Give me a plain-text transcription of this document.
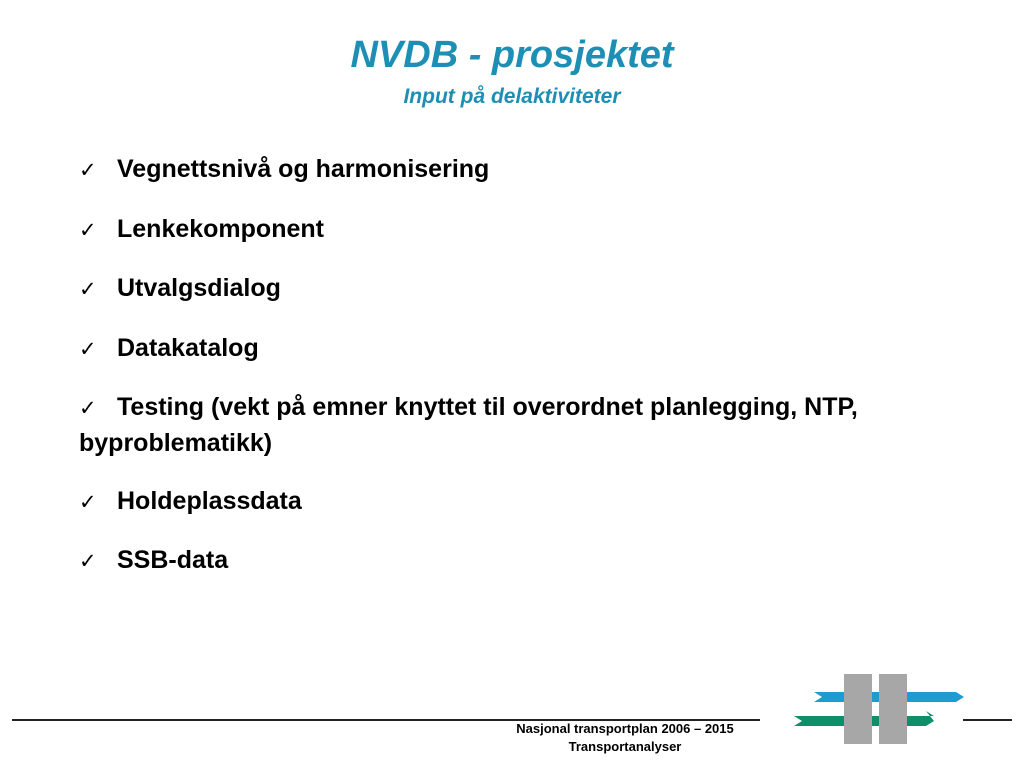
NVDB - prosjektet
Input på delaktiviteter
✓ Vegnettsnivå og harmonisering
✓ Lenkekomponent
✓ Utvalgsdialog
✓ Datakatalog
✓ Testing (vekt på emner knyttet til overordnet planlegging, NTP, byproblematikk)
✓ Holdeplassdata
✓ SSB-data
Nasjonal transportplan 2006 – 2015
Transportanalyser
